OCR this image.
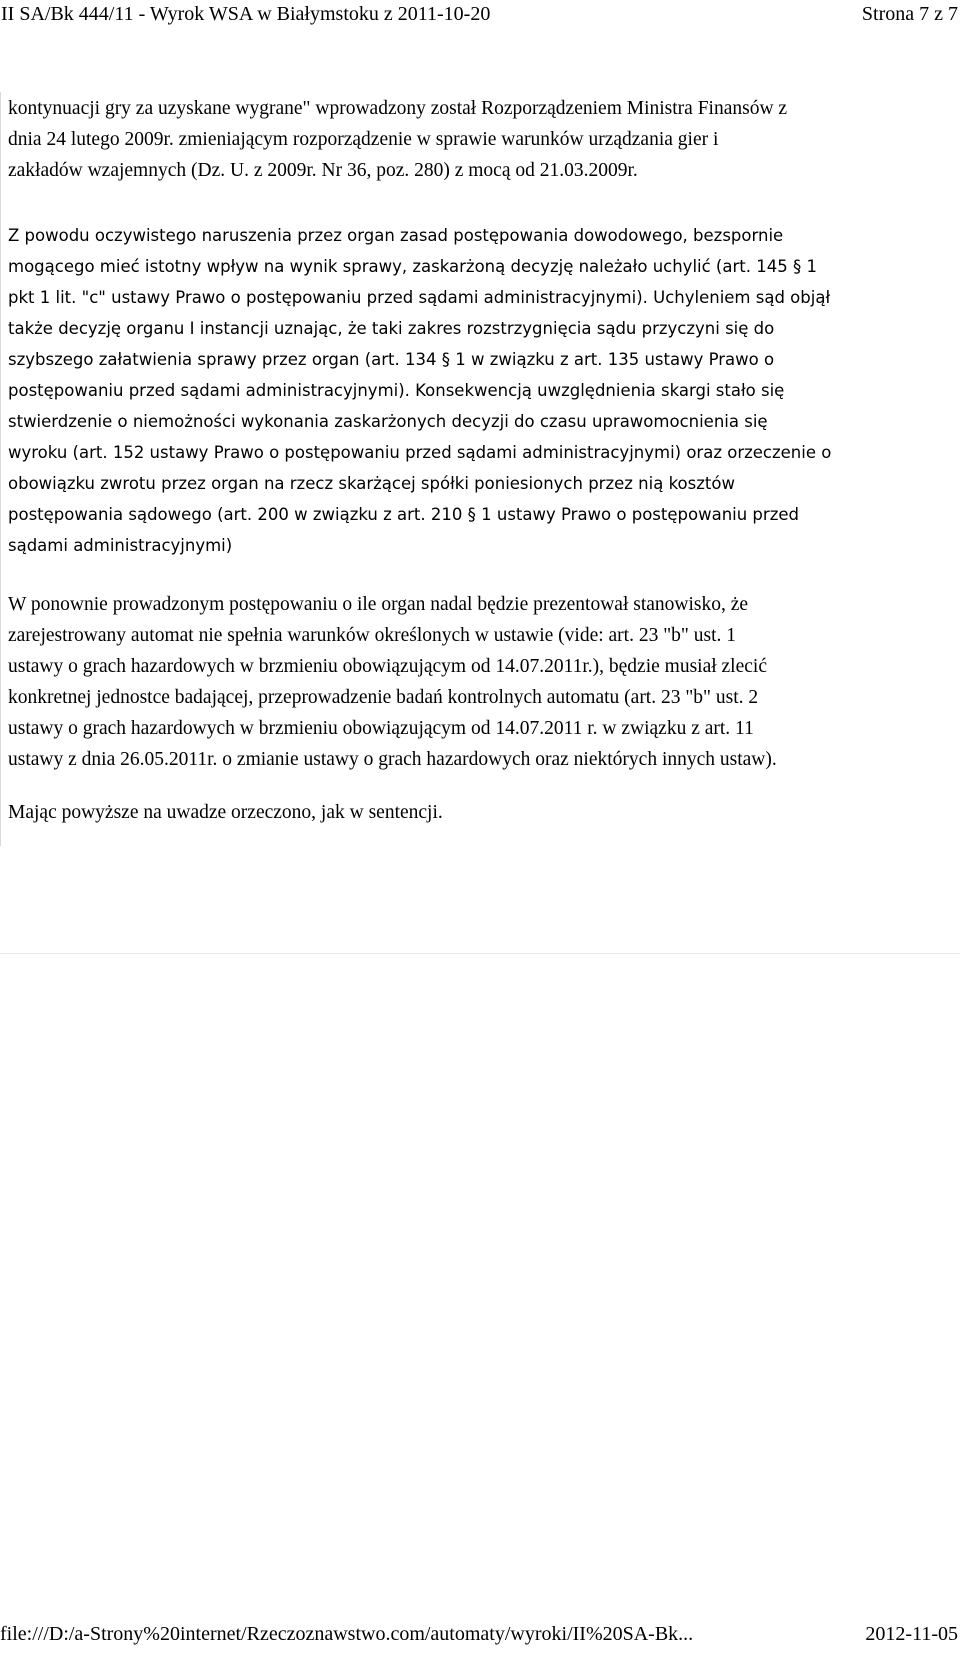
II SA/Bk 444/11 - Wyrok WSA w Białymstoku z 2011-10-20	Strona 7 z 7

kontynuacji gry za uzyskane wygrane" wprowadzony został Rozporządzeniem Ministra Finansów z
dnia 24 lutego 2009r. zmieniającym rozporządzenie w sprawie warunków urządzania gier i
zakładów wzajemnych (Dz. U. z 2009r. Nr 36, poz. 280) z mocą od 21.03.2009r.

Z powodu oczywistego naruszenia przez organ zasad postępowania dowodowego, bezspornie
mogącego mieć istotny wpływ na wynik sprawy, zaskarżoną decyzję należało uchylić (art. 145 § 1
pkt 1 lit. "c" ustawy Prawo o postępowaniu przed sądami administracyjnymi). Uchyleniem sąd objął
także decyzję organu I instancji uznając, że taki zakres rozstrzygnięcia sądu przyczyni się do
szybszego załatwienia sprawy przez organ (art. 134 § 1 w związku z art. 135 ustawy Prawo o
postępowaniu przed sądami administracyjnymi). Konsekwencją uwzględnienia skargi stało się
stwierdzenie o niemożności wykonania zaskarżonych decyzji do czasu uprawomocnienia się
wyroku (art. 152 ustawy Prawo o postępowaniu przed sądami administracyjnymi) oraz orzeczenie o
obowiązku zwrotu przez organ na rzecz skarżącej spółki poniesionych przez nią kosztów
postępowania sądowego (art. 200 w związku z art. 210 § 1 ustawy Prawo o postępowaniu przed
sądami administracyjnymi)

W ponownie prowadzonym postępowaniu o ile organ nadal będzie prezentował stanowisko, że
zarejestrowany automat nie spełnia warunków określonych w ustawie (vide: art. 23 "b" ust. 1
ustawy o grach hazardowych w brzmieniu obowiązującym od 14.07.2011r.), będzie musiał zlecić
konkretnej jednostce badającej, przeprowadzenie badań kontrolnych automatu (art. 23 "b" ust. 2
ustawy o grach hazardowych w brzmieniu obowiązującym od 14.07.2011 r. w związku z art. 11
ustawy z dnia 26.05.2011r. o zmianie ustawy o grach hazardowych oraz niektórych innych ustaw).

Mając powyższe na uwadze orzeczono, jak w sentencji.

file:///D:/a-Strony%20internet/Rzeczoznawstwo.com/automaty/wyroki/II%20SA-Bk...	2012-11-05
